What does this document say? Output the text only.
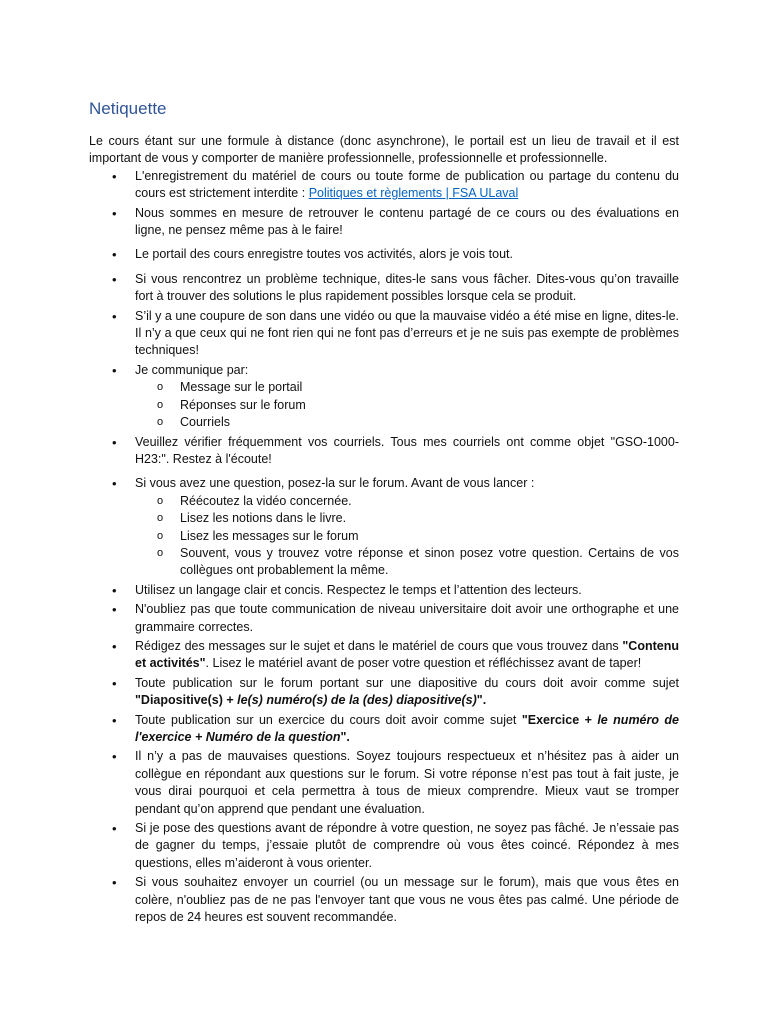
Netiquette

Le cours étant sur une formule à distance (donc asynchrone), le portail est un lieu de travail et il est important de vous y comporter de manière professionnelle, professionnelle et professionnelle.

• L'enregistrement du matériel de cours ou toute forme de publication ou partage du contenu du cours est strictement interdite : Politiques et règlements | FSA ULaval
• Nous sommes en mesure de retrouver le contenu partagé de ce cours ou des évaluations en ligne, ne pensez même pas à le faire!
• Le portail des cours enregistre toutes vos activités, alors je vois tout.
• Si vous rencontrez un problème technique, dites-le sans vous fâcher. Dites-vous qu’on travaille fort à trouver des solutions le plus rapidement possibles lorsque cela se produit.
• S’il y a une coupure de son dans une vidéo ou que la mauvaise vidéo a été mise en ligne, dites-le. Il n’y a que ceux qui ne font rien qui ne font pas d’erreurs et je ne suis pas exempte de problèmes techniques!
• Je communique par:
o Message sur le portail
o Réponses sur le forum
o Courriels
• Veuillez vérifier fréquemment vos courriels. Tous mes courriels ont comme objet "GSO-1000-H23:". Restez à l'écoute!
• Si vous avez une question, posez-la sur le forum. Avant de vous lancer :
o Réécoutez la vidéo concernée.
o Lisez les notions dans le livre.
o Lisez les messages sur le forum
o Souvent, vous y trouvez votre réponse et sinon posez votre question. Certains de vos collègues ont probablement la même.
• Utilisez un langage clair et concis. Respectez le temps et l’attention des lecteurs.
• N'oubliez pas que toute communication de niveau universitaire doit avoir une orthographe et une grammaire correctes.
• Rédigez des messages sur le sujet et dans le matériel de cours que vous trouvez dans "Contenu et activités". Lisez le matériel avant de poser votre question et réfléchissez avant de taper!
• Toute publication sur le forum portant sur une diapositive du cours doit avoir comme sujet "Diapositive(s) + le(s) numéro(s) de la (des) diapositive(s)".
• Toute publication sur un exercice du cours doit avoir comme sujet "Exercice + le numéro de l'exercice + Numéro de la question".
• Il n’y a pas de mauvaises questions. Soyez toujours respectueux et n’hésitez pas à aider un collègue en répondant aux questions sur le forum. Si votre réponse n’est pas tout à fait juste, je vous dirai pourquoi et cela permettra à tous de mieux comprendre. Mieux vaut se tromper pendant qu’on apprend que pendant une évaluation.
• Si je pose des questions avant de répondre à votre question, ne soyez pas fâché. Je n’essaie pas de gagner du temps, j’essaie plutôt de comprendre où vous êtes coincé. Répondez à mes questions, elles m’aideront à vous orienter.
• Si vous souhaitez envoyer un courriel (ou un message sur le forum), mais que vous êtes en colère, n'oubliez pas de ne pas l'envoyer tant que vous ne vous êtes pas calmé. Une période de repos de 24 heures est souvent recommandée.
